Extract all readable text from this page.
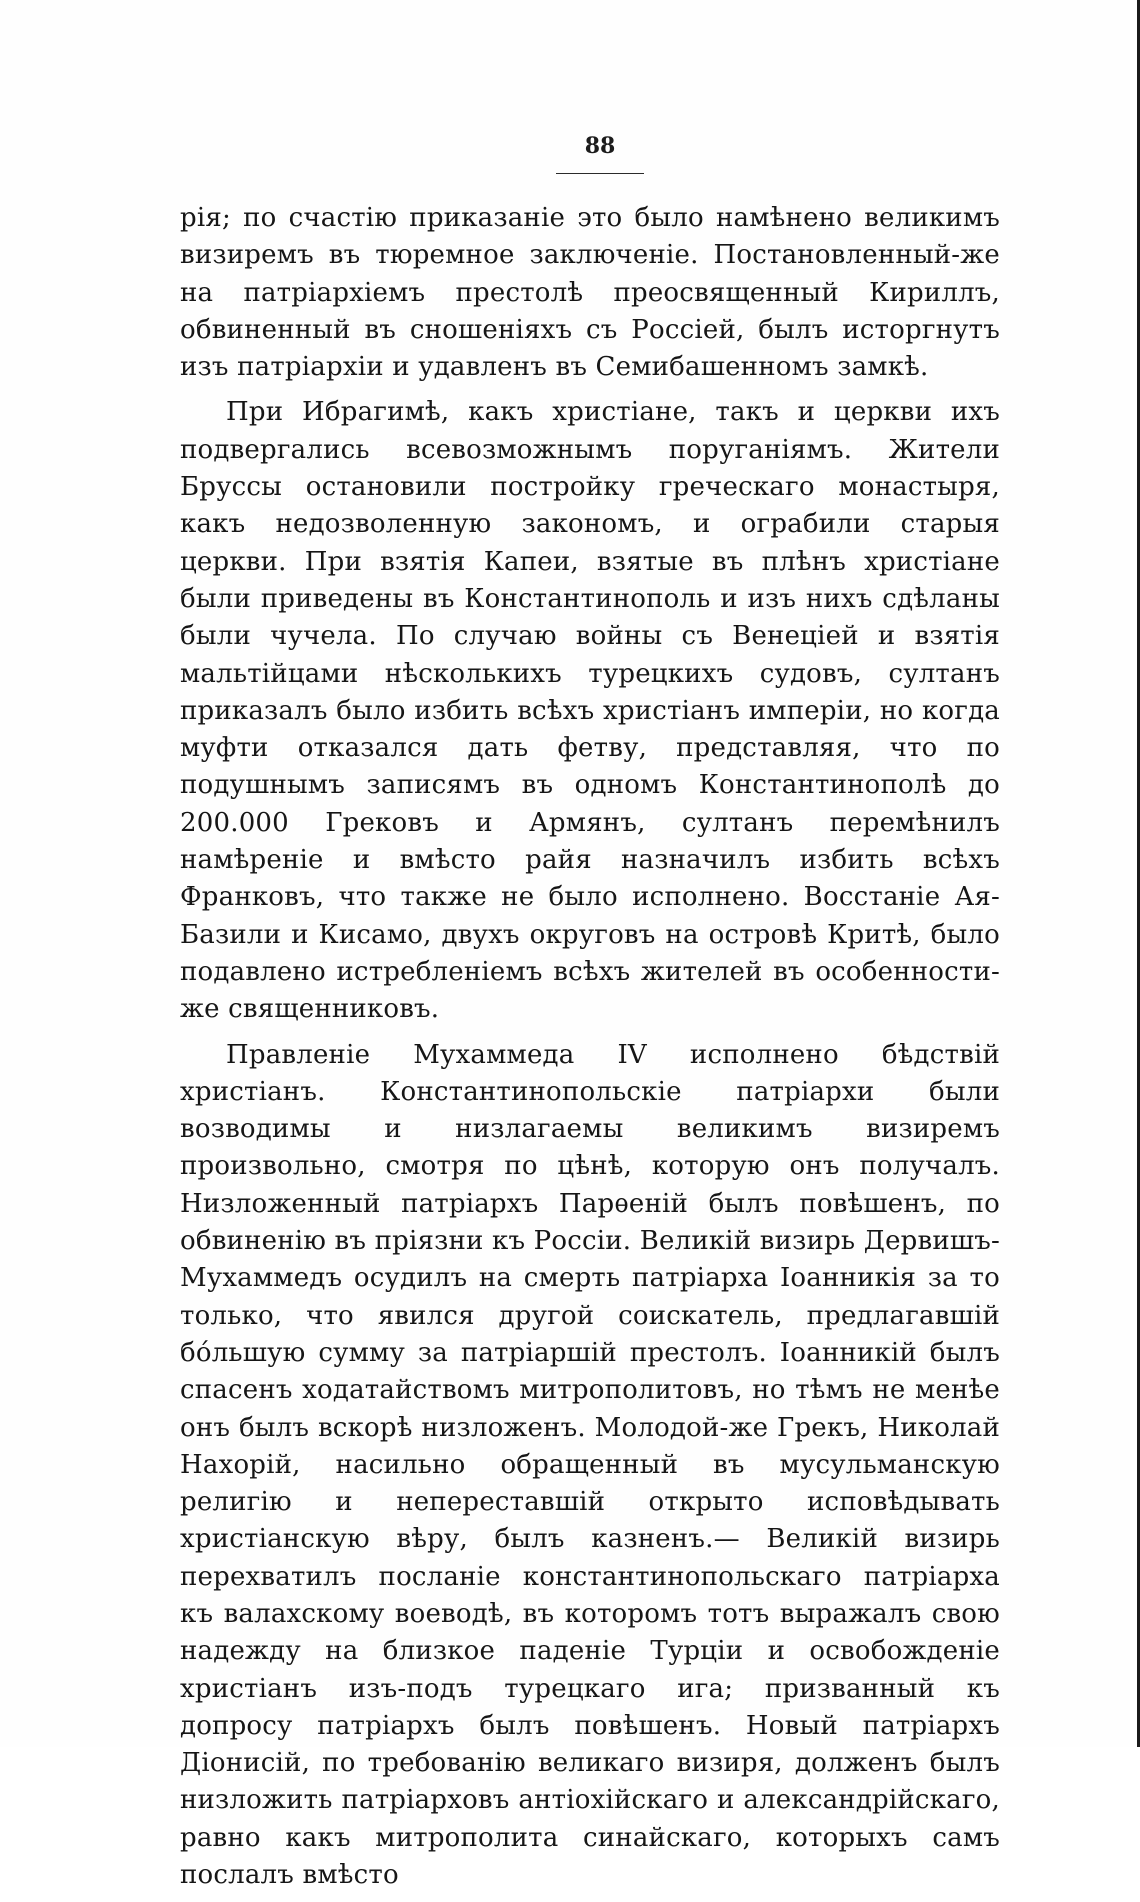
88

рія; по счастію приказаніе это было намѣнено великимъ визиремъ въ тюремное заключеніе. Постановленный-же на патріархіемъ престолѣ преосвященный Кириллъ, обвиненный въ сношеніяхъ съ Россіей, былъ исторгнутъ изъ патріархіи и удавленъ въ Семибашенномъ замкѣ.

При Ибрагимѣ, какъ христіане, такъ и церкви ихъ подвергались всевозможнымъ поруганіямъ. Жители Бруссы остановили постройку греческаго монастыря, какъ недозволенную закономъ, и ограбили старыя церкви. При взятія Капеи, взятые въ плѣнъ христіане были приведены въ Константинополь и изъ нихъ сдѣланы были чучела. По случаю войны съ Венеціей и взятія мальтійцами нѣсколькихъ турецкихъ судовъ, султанъ приказалъ было избить всѣхъ христіанъ имперіи, но когда муфти отказался дать фетву, представляя, что по подушнымъ записямъ въ одномъ Константинополѣ до 200.000 Грековъ и Армянъ, султанъ перемѣнилъ намѣреніе и вмѣсто райя назначилъ избить всѣхъ Франковъ, что также не было исполнено. Восстаніе Ая-Базили и Кисамо, двухъ округовъ на островѣ Критѣ, было подавлено истребленіемъ всѣхъ жителей въ особенности-же священниковъ.

Правленіе Мухаммеда IV исполнено бѣдствій христіанъ. Константинопольскіе патріархи были возводимы и низлагаемы великимъ визиремъ произвольно, смотря по цѣнѣ, которую онъ получалъ. Низложенный патріархъ Парѳеній былъ повѣшенъ, по обвиненію въ пріязни къ Россіи. Великій визирь Дервишъ-Мухаммедъ осудилъ на смерть патріарха Іоанникія за то только, что явился другой соискатель, предлагавшій бо́льшую сумму за патріаршій престолъ. Іоанникій былъ спасенъ ходатайствомъ митрополитовъ, но тѣмъ не менѣе онъ былъ вскорѣ низложенъ. Молодой-же Грекъ, Николай Нахорій, насильно обращенный въ мусульманскую религію и непереставшій открыто исповѣдывать христіанскую вѣру, былъ казненъ.— Великій визирь перехватилъ посланіе константинопольскаго патріарха къ валахскому воеводѣ, въ которомъ тотъ выражалъ свою надежду на близкое паденіе Турціи и освобожденіе христіанъ изъ-подъ турецкаго ига; призванный къ допросу патріархъ былъ повѣшенъ. Новый патріархъ Діонисій, по требованію великаго визиря, долженъ былъ низложить патріарховъ антіохійскаго и александрійскаго, равно какъ митрополита синайскаго, которыхъ самъ послалъ вмѣсто
